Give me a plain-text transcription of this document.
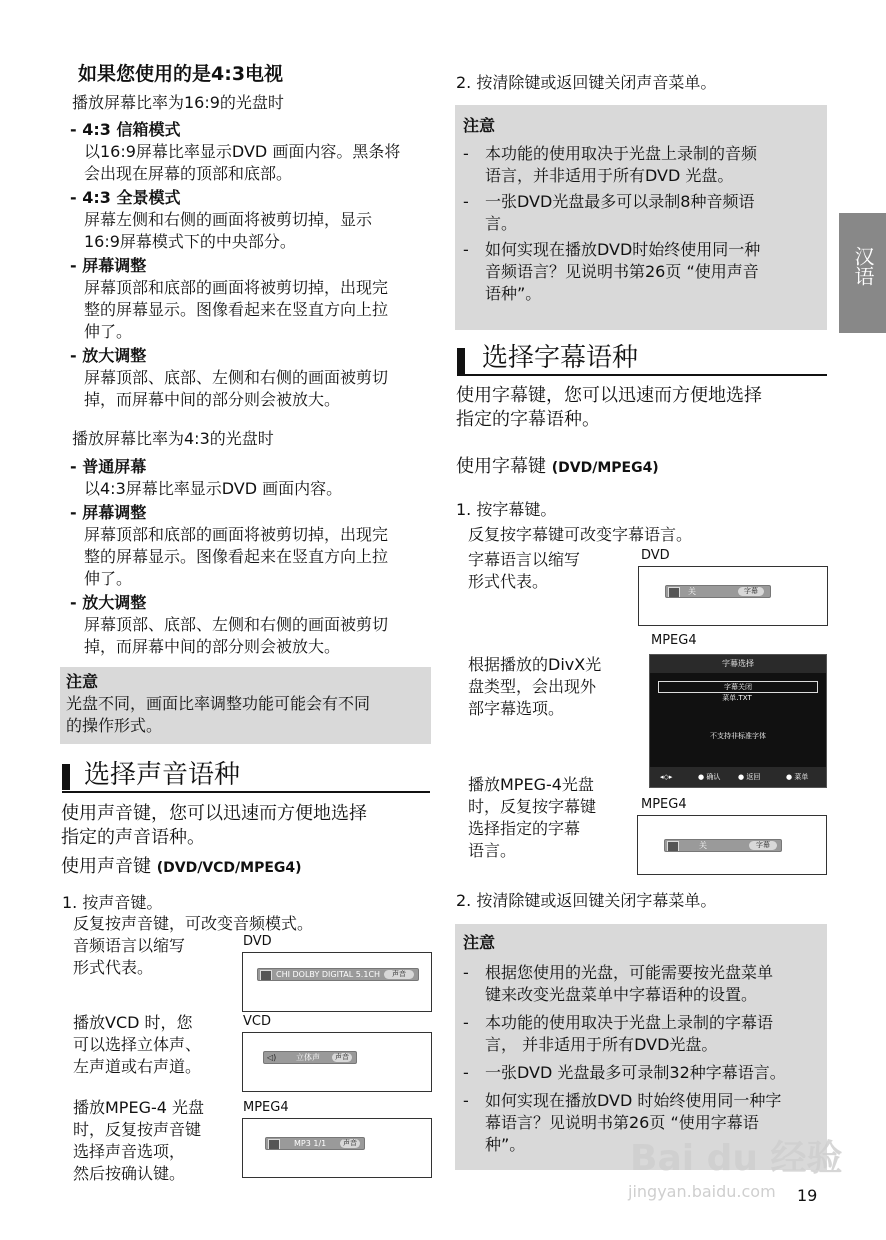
如果您使用的是4:3电视
播放屏幕比率为16:9的光盘时
- 4:3 信箱模式
以16:9屏幕比率显示DVD 画面内容。黑条将
会出现在屏幕的顶部和底部。
- 4:3 全景模式
屏幕左侧和右侧的画面将被剪切掉，显示
16:9屏幕模式下的中央部分。
- 屏幕调整
屏幕顶部和底部的画面将被剪切掉，出现完
整的屏幕显示。图像看起来在竖直方向上拉
伸了。
- 放大调整
屏幕顶部、底部、左侧和右侧的画面被剪切
掉，而屏幕中间的部分则会被放大。
播放屏幕比率为4:3的光盘时
- 普通屏幕
以4:3屏幕比率显示DVD 画面内容。
- 屏幕调整
屏幕顶部和底部的画面将被剪切掉，出现完
整的屏幕显示。图像看起来在竖直方向上拉
伸了。
- 放大调整
屏幕顶部、底部、左侧和右侧的画面被剪切
掉，而屏幕中间的部分则会被放大。
注意
光盘不同，画面比率调整功能可能会有不同
的操作形式。
选择声音语种
使用声音键，您可以迅速而方便地选择
指定的声音语种。
使用声音键 (DVD/VCD/MPEG4)
1. 按声音键。
反复按声音键，可改变音频模式。
音频语言以缩写
形式代表。
DVD
CHI DOLBY DIGITAL 5.1CH	声音
播放VCD 时，您
可以选择立体声、
左声道或右声道。
VCD
◁) 立体声	声音
播放MPEG-4 光盘
时，反复按声音键
选择声音选项，
然后按确认键。
MPEG4
MP3 1/1	声音
2. 按清除键或返回键关闭声音菜单。
注意
-	本功能的使用取决于光盘上录制的音频
语言，并非适用于所有DVD 光盘。
-	一张DVD光盘最多可以录制8种音频语
言。
-	如何实现在播放DVD时始终使用同一种
音频语言？见说明书第26页 “使用声音
语种”。
选择字幕语种
使用字幕键，您可以迅速而方便地选择
指定的字幕语种。
使用字幕键 (DVD/MPEG4)
1. 按字幕键。
反复按字幕键可改变字幕语言。
字幕语言以缩写
形式代表。
DVD
关	字幕
MPEG4
根据播放的DivX光
盘类型，会出现外
部字幕选项。
字幕选择
字幕关闭
菜单.TXT
不支持非标准字体
◂◇▸	● 确认	● 返回	● 菜单
播放MPEG-4光盘
时，反复按字幕键
选择指定的字幕
语言。
MPEG4
关	字幕
2. 按清除键或返回键关闭字幕菜单。
注意
-	根据您使用的光盘，可能需要按光盘菜单
键来改变光盘菜单中字幕语种的设置。
-	本功能的使用取决于光盘上录制的字幕语
言， 并非适用于所有DVD光盘。
-	一张DVD 光盘最多可录制32种字幕语言。
-	如何实现在播放DVD 时始终使用同一种字
幕语言？见说明书第26页 “使用字幕语
种”。
汉语
Bai du 经验
jingyan.baidu.com 19
